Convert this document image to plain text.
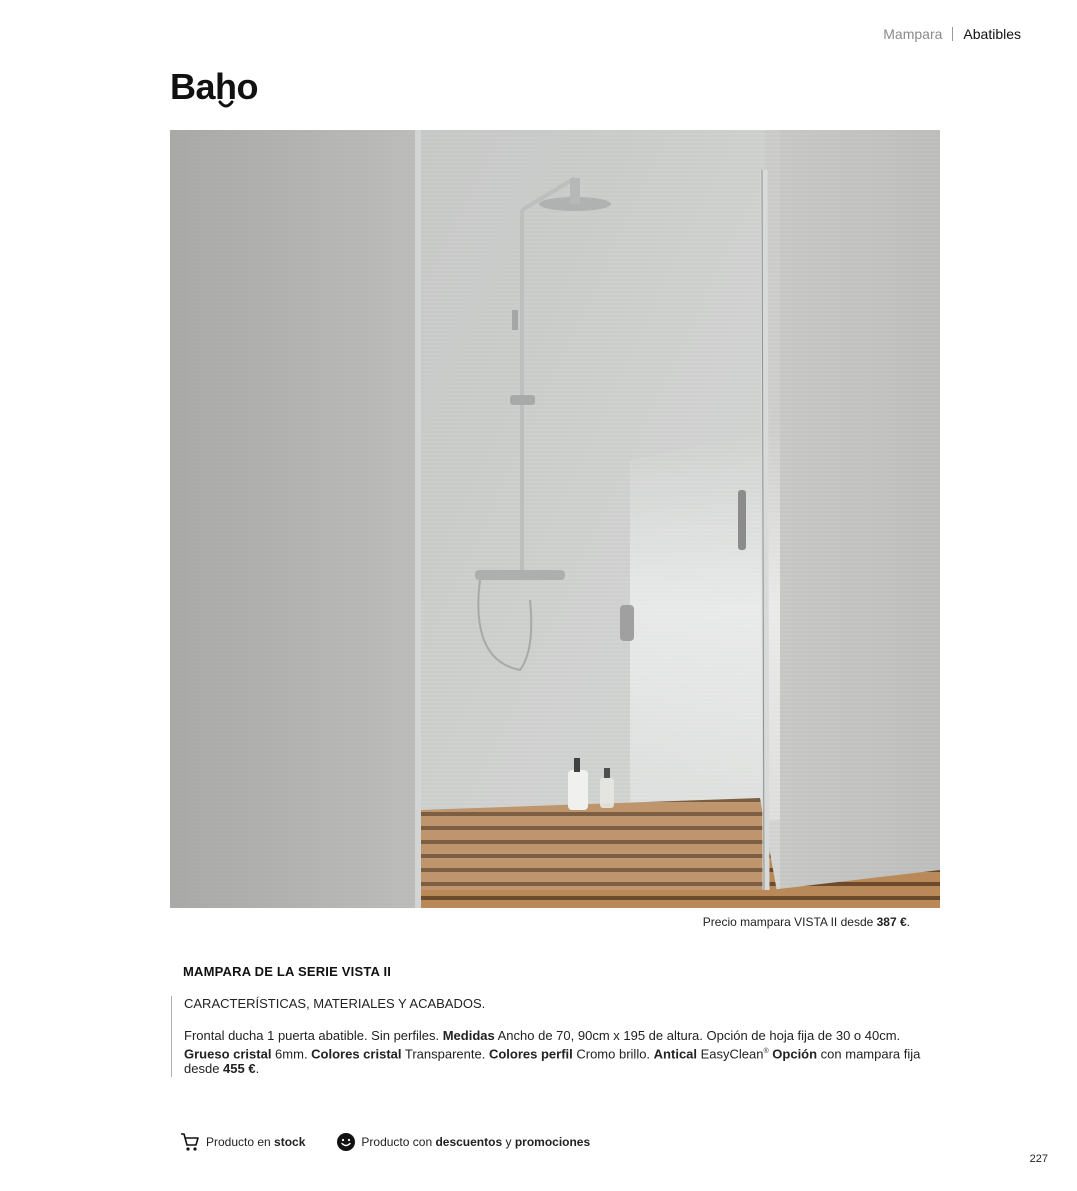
Mampara Abatibles
Baho
Precio mampara VISTA II desde 387 €.
MAMPARA DE LA SERIE VISTA II
CARACTERÍSTICAS, MATERIALES Y ACABADOS.

Frontal ducha 1 puerta abatible. Sin perfiles. Medidas Ancho de 70, 90cm x 195 de altura. Opción de hoja fija de 30 o 40cm. Grueso cristal 6mm. Colores cristal Transparente. Colores perfil Cromo brillo. Antical EasyClean® Opción con mampara fija desde 455 €.

Producto en stock	Producto con descuentos y promociones
227
